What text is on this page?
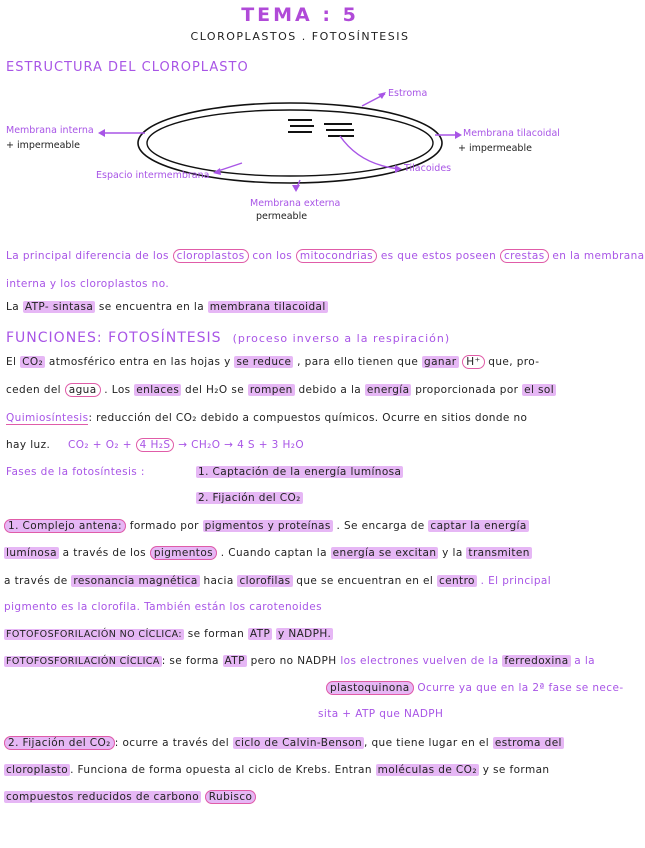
TEMA : 5
CLOROPLASTOS . FOTOSÍNTESIS
ESTRUCTURA DEL CLOROPLASTO
Estroma
Membrana interna
+ impermeable
Espacio intermembrana
Membrana externa
permeable
Membrana tilacoidal
+ impermeable
Tilacoides
La principal diferencia de los cloroplastos con los mitocondrias es que estos poseen crestas en la membrana
interna y los cloroplastos no.
La ATP- sintasa se encuentra en la membrana tilacoidal
FUNCIONES: FOTOSÍNTESIS (proceso inverso a la respiración)
El CO₂ atmosférico entra en las hojas y se reduce , para ello tienen que ganar H⁺ que, pro-
ceden del agua . Los enlaces del H₂O se rompen debido a la energía proporcionada por el sol
Quimiosíntesis: reducción del CO₂ debido a compuestos químicos. Ocurre en sitios donde no
hay luz. CO₂ + O₂ + 4 H₂S → CH₂O → 4 S + 3 H₂O
Fases de la fotosíntesis :	1. Captación de la energía lumínosa
2. Fijación del CO₂
1. Complejo antena: formado por pigmentos y proteínas . Se encarga de captar la energía
lumínosa a través de los pigmentos . Cuando captan la energía se excitan y la transmiten
a través de resonancia magnética hacia clorofilas que se encuentran en el centro . El principal
pigmento es la clorofila. También están los carotenoides
FOTOFOSFORILACIÓN NO CÍCLICA: se forman ATP y NADPH.
FOTOFOSFORILACIÓN CÍCLICA : se forma ATP pero no NADPH los electrones vuelven de la ferredoxina a la
plastoquinona Ocurre ya que en la 2ª fase se nece-
sita + ATP que NADPH
2. Fijación del CO₂ : ocurre a través del ciclo de Calvin-Benson , que tiene lugar en el estroma del
cloroplasto . Funciona de forma opuesta al ciclo de Krebs. Entran moléculas de CO₂ y se forman
compuestos reducidos de carbono Rubisco
